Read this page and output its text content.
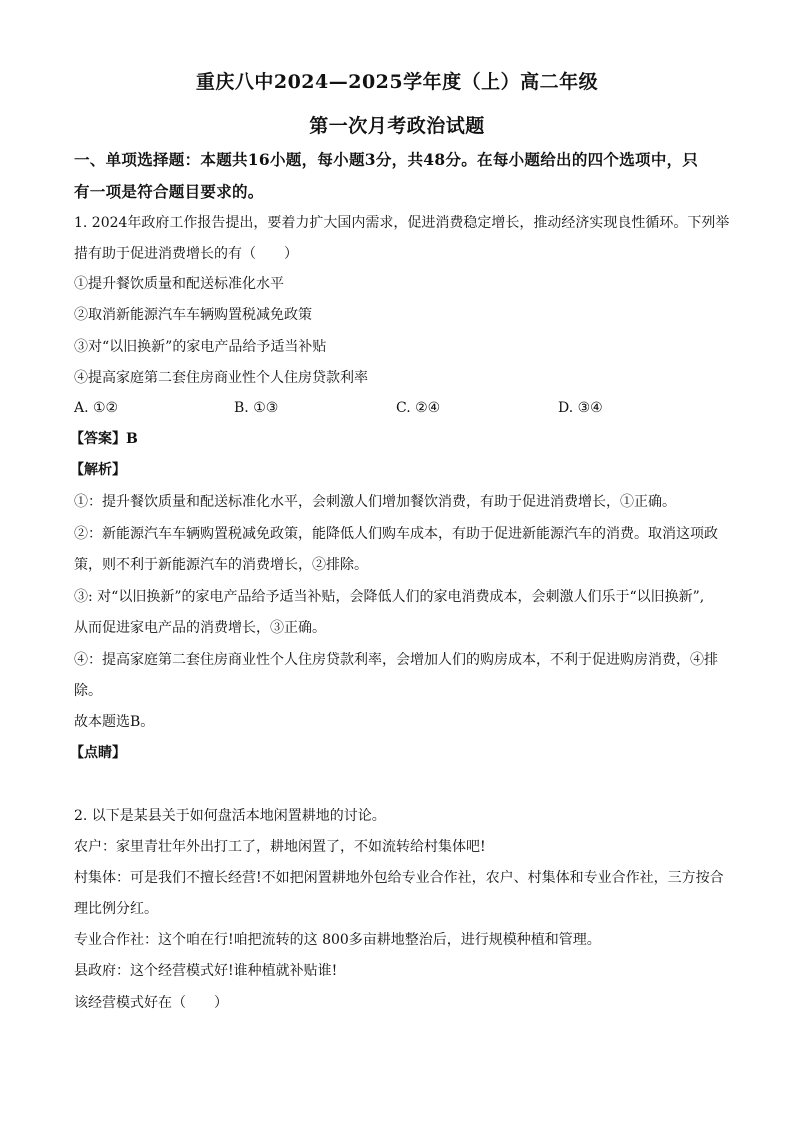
重庆八中2024—2025学年度（上）高二年级
第一次月考政治试题
一、单项选择题：本题共16小题，每小题3分，共48分。在每小题给出的四个选项中，只
有一项是符合题目要求的。
1. 2024年政府工作报告提出，要着力扩大国内需求，促进消费稳定增长，推动经济实现良性循环。下列举
措有助于促进消费增长的有（　　）
①提升餐饮质量和配送标准化水平
②取消新能源汽车车辆购置税减免政策
③对“以旧换新”的家电产品给予适当补贴
④提高家庭第二套住房商业性个人住房贷款利率
A. ①②	B. ①③	C. ②④	D. ③④
【答案】B
【解析】
①：提升餐饮质量和配送标准化水平，会刺激人们增加餐饮消费，有助于促进消费增长，①正确。
②：新能源汽车车辆购置税减免政策，能降低人们购车成本，有助于促进新能源汽车的消费。取消这项政
策，则不利于新能源汽车的消费增长，②排除。
③: 对“以旧换新”的家电产品给予适当补贴，会降低人们的家电消费成本，会刺激人们乐于“以旧换新”,
从而促进家电产品的消费增长，③正确。
④：提高家庭第二套住房商业性个人住房贷款利率，会增加人们的购房成本，不利于促进购房消费，④排
除。
故本题选B。
【点睛】
2. 以下是某县关于如何盘活本地闲置耕地的讨论。
农户：家里青壮年外出打工了，耕地闲置了，不如流转给村集体吧!
村集体：可是我们不擅长经营!不如把闲置耕地外包给专业合作社，农户、村集体和专业合作社，三方按合
理比例分红。
专业合作社：这个咱在行!咱把流转的这 800多亩耕地整治后，进行规模种植和管理。
县政府：这个经营模式好!谁种植就补贴谁!
该经营模式好在（　　）
